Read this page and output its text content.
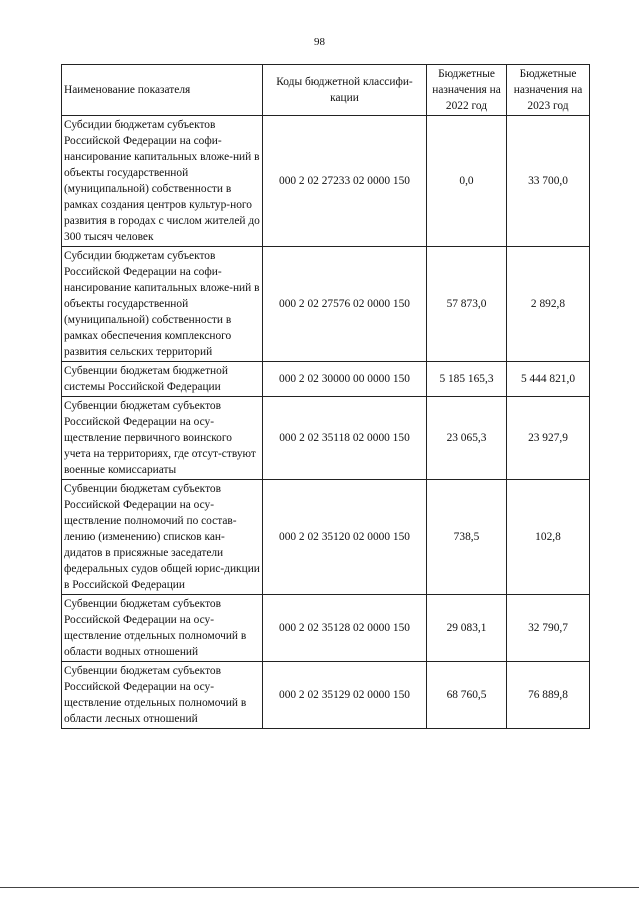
98
Наименование показателя	Коды бюджетной классифи-кации	Бюджетные назначения на 2022 год	Бюджетные назначения на 2023 год
Субсидии бюджетам субъектов Российской Федерации на софи-нансирование капитальных вложе-ний в объекты государственной (муниципальной) собственности в рамках создания центров культур-ного развития в городах с числом жителей до 300 тысяч человек	000 2 02 27233 02 0000 150	0,0	33 700,0
Субсидии бюджетам субъектов Российской Федерации на софи-нансирование капитальных вложе-ний в объекты государственной (муниципальной) собственности в рамках обеспечения комплексного развития сельских территорий	000 2 02 27576 02 0000 150	57 873,0	2 892,8
Субвенции бюджетам бюджетной системы Российской Федерации	000 2 02 30000 00 0000 150	5 185 165,3	5 444 821,0
Субвенции бюджетам субъектов Российской Федерации на осу-ществление первичного воинского учета на территориях, где отсут-ствуют военные комиссариаты	000 2 02 35118 02 0000 150	23 065,3	23 927,9
Субвенции бюджетам субъектов Российской Федерации на осу-ществление полномочий по состав-лению (изменению) списков кан-дидатов в присяжные заседатели федеральных судов общей юрис-дикции в Российской Федерации	000 2 02 35120 02 0000 150	738,5	102,8
Субвенции бюджетам субъектов Российской Федерации на осу-ществление отдельных полномочий в области водных отношений	000 2 02 35128 02 0000 150	29 083,1	32 790,7
Субвенции бюджетам субъектов Российской Федерации на осу-ществление отдельных полномочий в области лесных отношений	000 2 02 35129 02 0000 150	68 760,5	76 889,8
